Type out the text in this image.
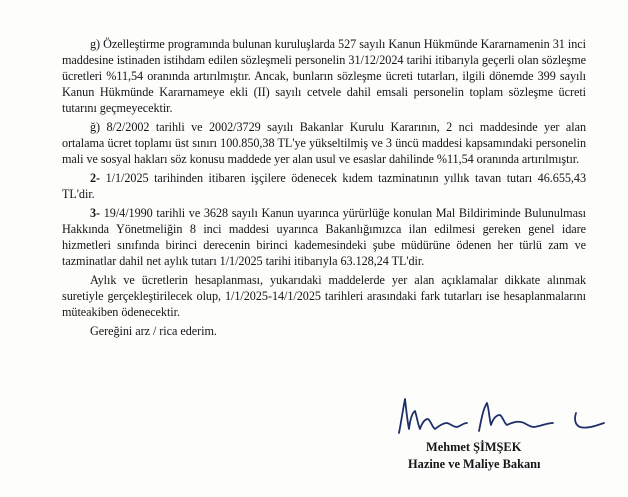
g) Özelleştirme programında bulunan kuruluşlarda 527 sayılı Kanun Hükmünde Kararnamenin 31 inci maddesine istinaden istihdam edilen sözleşmeli personelin 31/12/2024 tarihi itibarıyla geçerli olan sözleşme ücretleri %11,54 oranında artırılmıştır. Ancak, bunların sözleşme ücreti tutarları, ilgili dönemde 399 sayılı Kanun Hükmünde Kararnameye ekli (II) sayılı cetvele dahil emsali personelin toplam sözleşme ücreti tutarını geçmeyecektir.

ğ) 8/2/2002 tarihli ve 2002/3729 sayılı Bakanlar Kurulu Kararının, 2 nci maddesinde yer alan ortalama ücret toplamı üst sınırı 100.850,38 TL'ye yükseltilmiş ve 3 üncü maddesi kapsamındaki personelin mali ve sosyal hakları söz konusu maddede yer alan usul ve esaslar dahilinde %11,54 oranında artırılmıştır.

2- 1/1/2025 tarihinden itibaren işçilere ödenecek kıdem tazminatının yıllık tavan tutarı 46.655,43 TL'dir.

3- 19/4/1990 tarihli ve 3628 sayılı Kanun uyarınca yürürlüğe konulan Mal Bildiriminde Bulunulması Hakkında Yönetmeliğin 8 inci maddesi uyarınca Bakanlığımızca ilan edilmesi gereken genel idare hizmetleri sınıfında birinci derecenin birinci kademesindeki şube müdürüne ödenen her türlü zam ve tazminatlar dahil net aylık tutarı 1/1/2025 tarihi itibarıyla 63.128,24 TL'dir.

Aylık ve ücretlerin hesaplanması, yukarıdaki maddelerde yer alan açıklamalar dikkate alınmak suretiyle gerçekleştirilecek olup, 1/1/2025-14/1/2025 tarihleri arasındaki fark tutarları ise hesaplanmalarını müteakiben ödenecektir.

Gereğini arz / rica ederim.

Mehmet ŞİMŞEK
Hazine ve Maliye Bakanı
